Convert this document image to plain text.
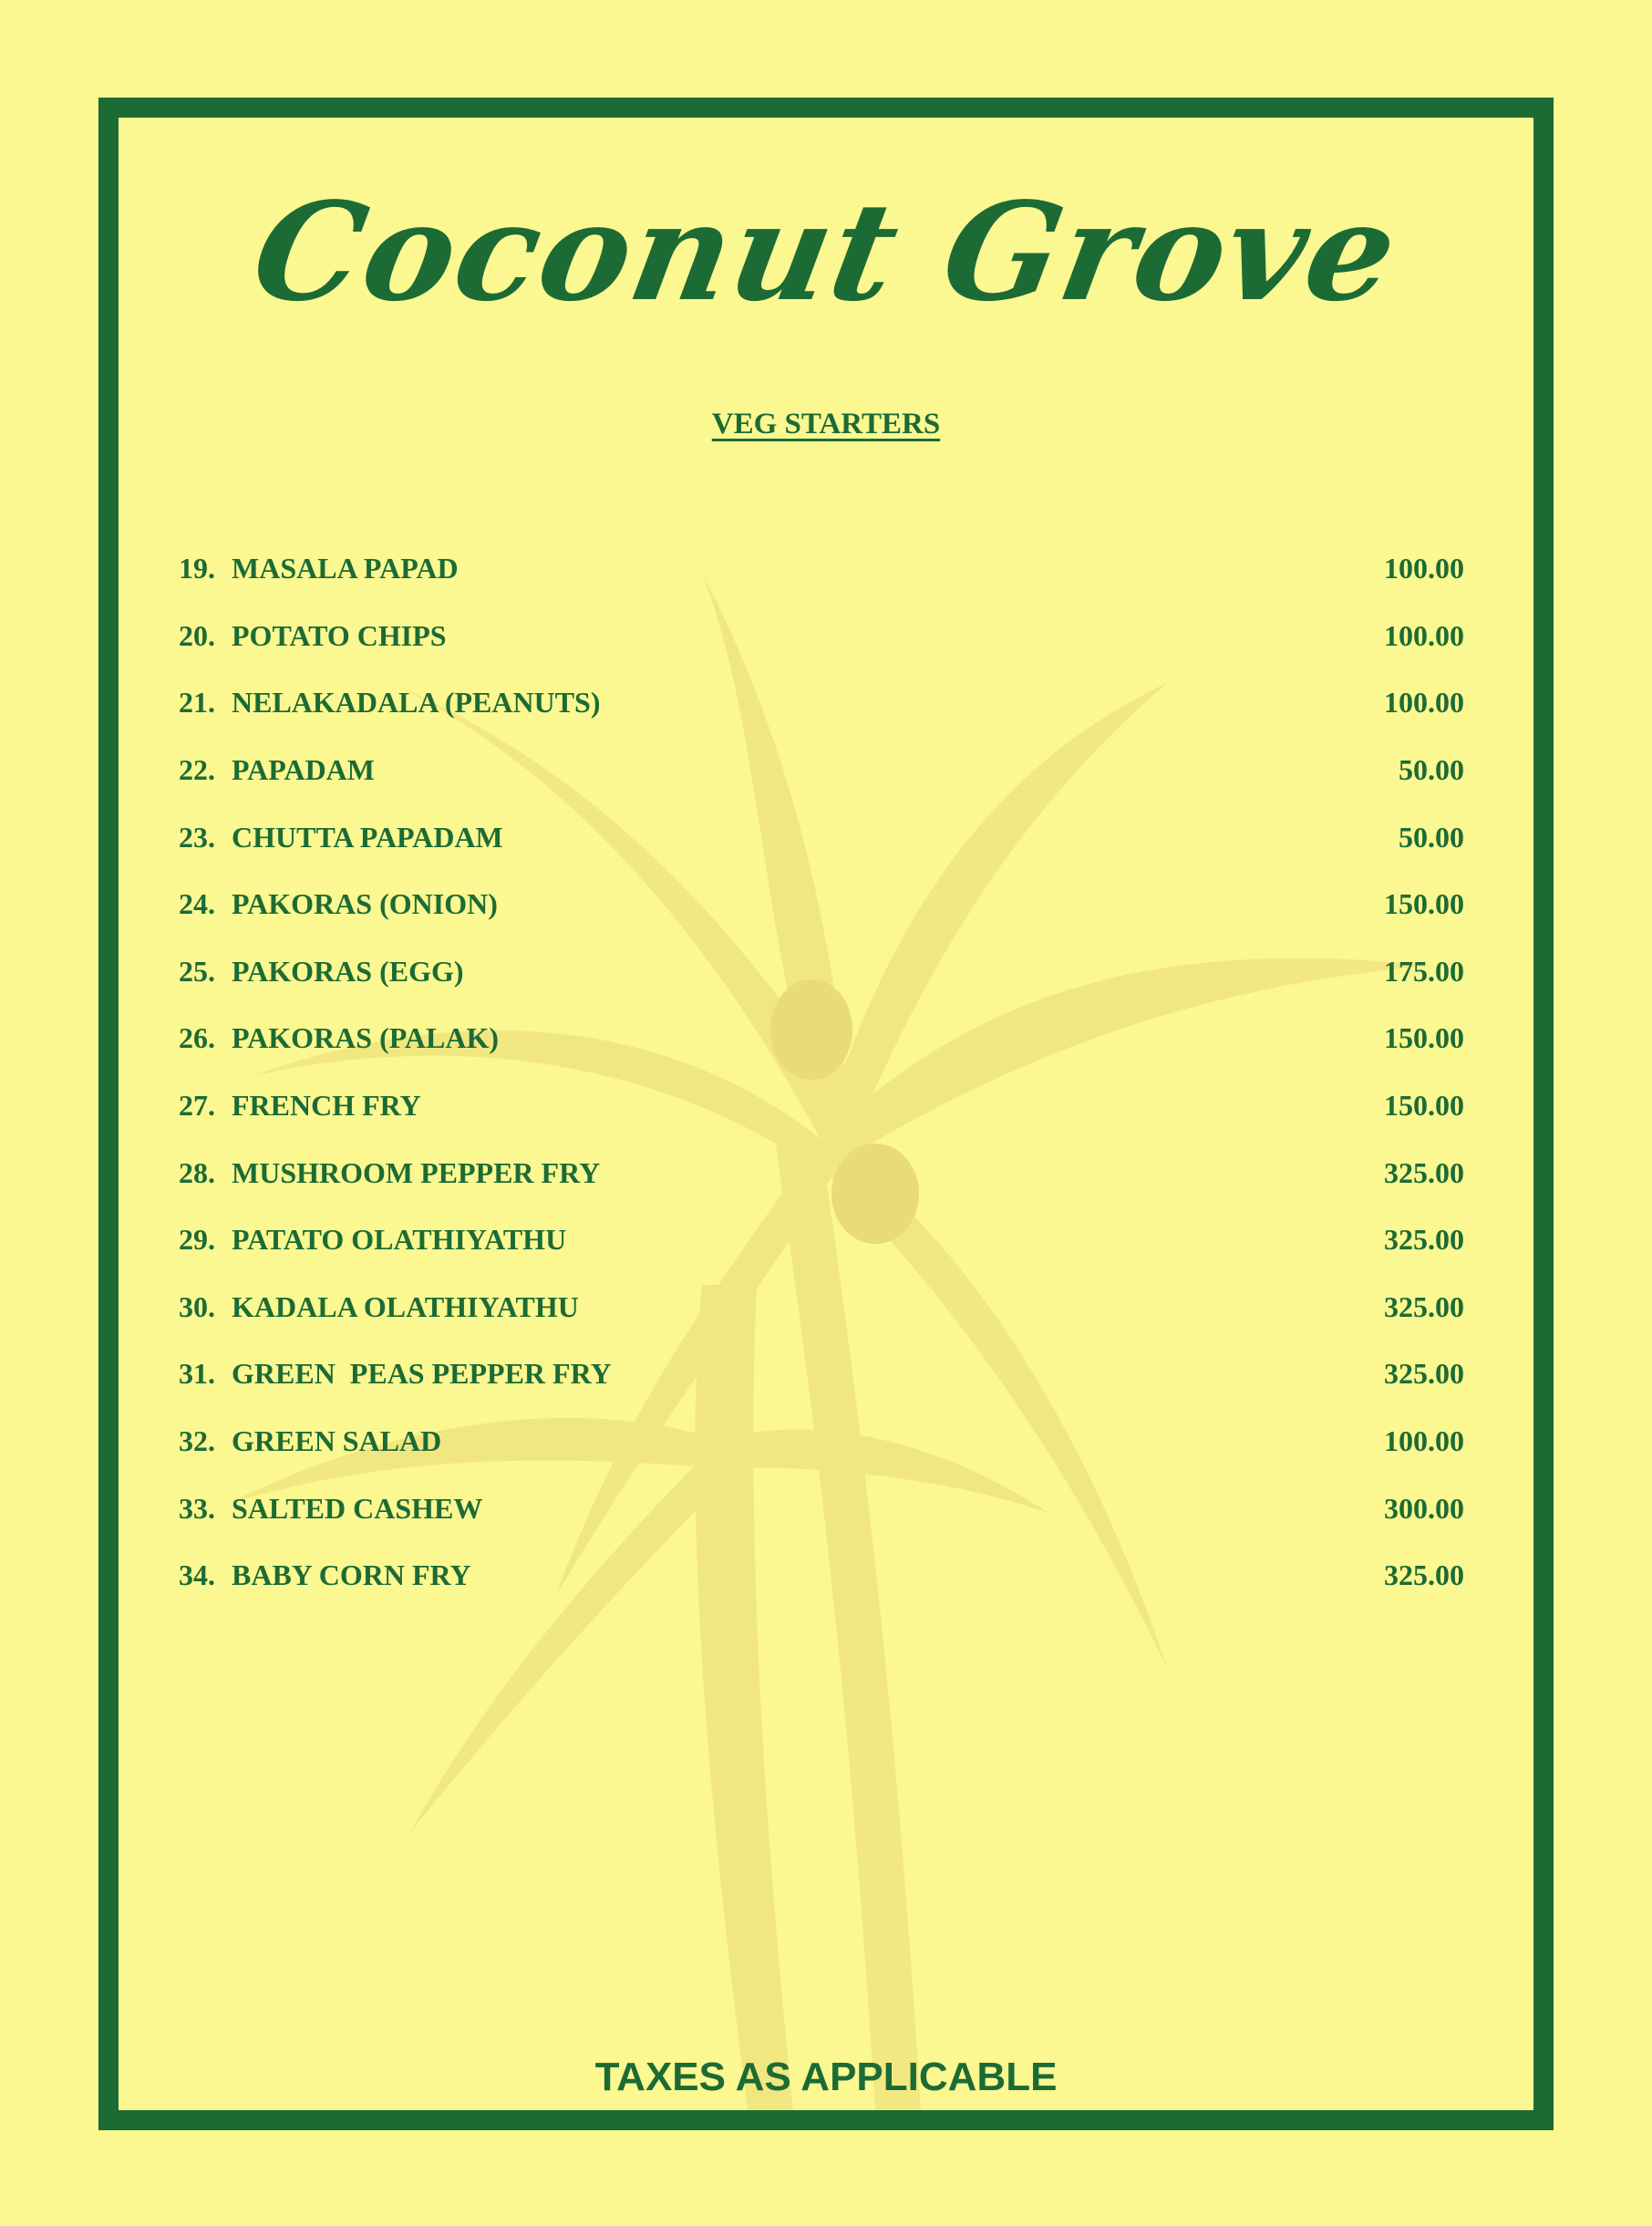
Coconut Grove
VEG STARTERS
19. MASALA PAPAD	100.00
20. POTATO CHIPS	100.00
21. NELAKADALA (PEANUTS)	100.00
22. PAPADAM	50.00
23. CHUTTA PAPADAM	50.00
24. PAKORAS (ONION)	150.00
25. PAKORAS (EGG)	175.00
26. PAKORAS (PALAK)	150.00
27. FRENCH FRY	150.00
28. MUSHROOM PEPPER FRY	325.00
29. PATATO OLATHIYATHU	325.00
30. KADALA OLATHIYATHU	325.00
31. GREEN  PEAS PEPPER FRY	325.00
32. GREEN SALAD	100.00
33. SALTED CASHEW	300.00
34. BABY CORN FRY	325.00
TAXES AS APPLICABLE
